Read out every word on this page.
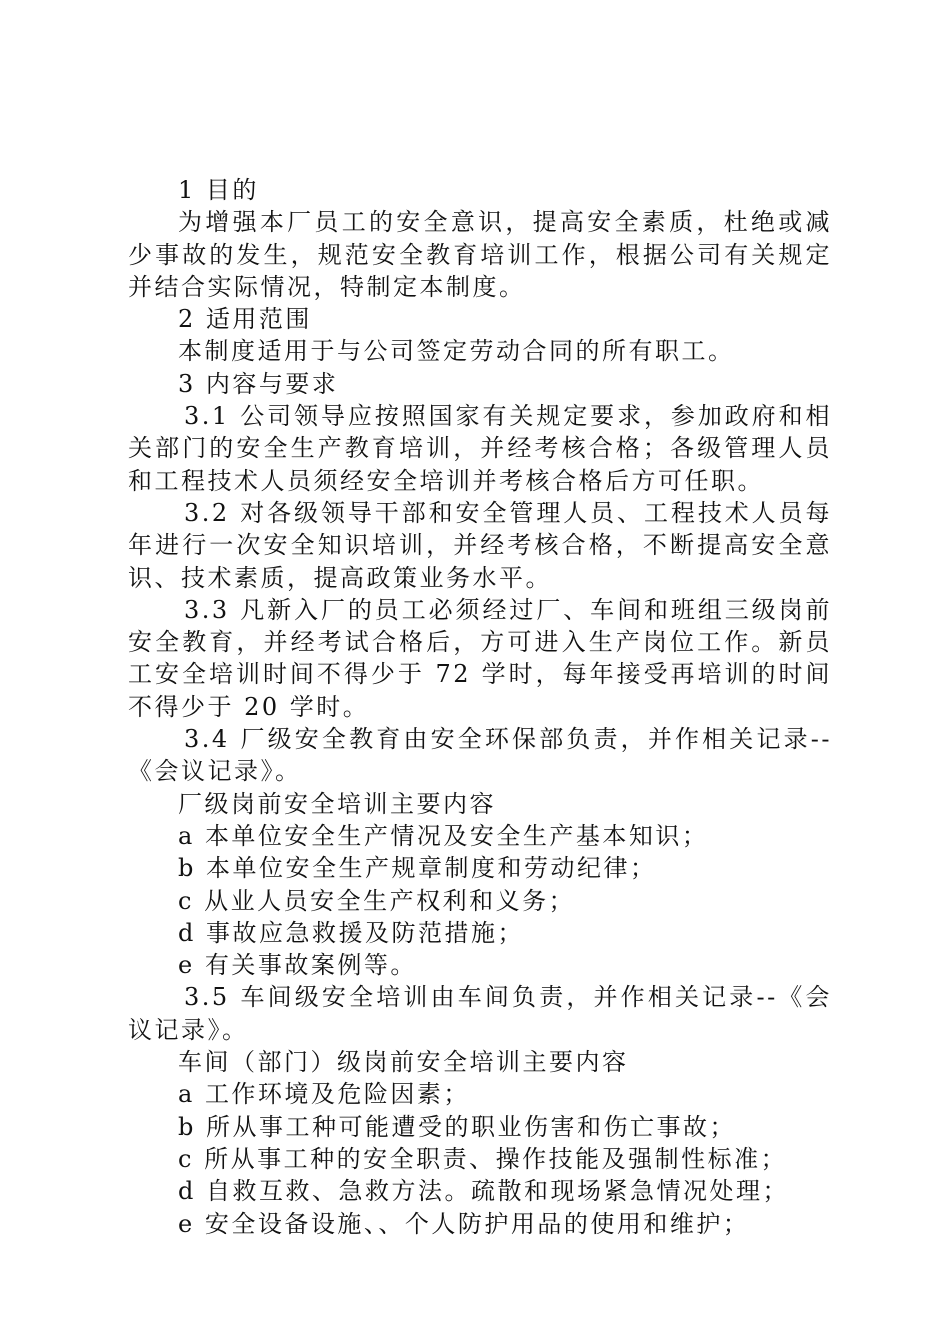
1 目的

为增强本厂员工的安全意识，提高安全素质，杜绝或减少事故的发生，规范安全教育培训工作，根据公司有关规定并结合实际情况，特制定本制度。

2 适用范围

本制度适用于与公司签定劳动合同的所有职工。

3 内容与要求

3.1 公司领导应按照国家有关规定要求，参加政府和相关部门的安全生产教育培训，并经考核合格；各级管理人员和工程技术人员须经安全培训并考核合格后方可任职。

3.2 对各级领导干部和安全管理人员、工程技术人员每年进行一次安全知识培训，并经考核合格，不断提高安全意识、技术素质，提高政策业务水平。

3.3 凡新入厂的员工必须经过厂、车间和班组三级岗前安全教育，并经考试合格后，方可进入生产岗位工作。新员工安全培训时间不得少于 72 学时，每年接受再培训的时间不得少于 20 学时。

3.4 厂级安全教育由安全环保部负责，并作相关记录--《会议记录》。

厂级岗前安全培训主要内容

a 本单位安全生产情况及安全生产基本知识；

b 本单位安全生产规章制度和劳动纪律；

c 从业人员安全生产权利和义务；

d 事故应急救援及防范措施；

e 有关事故案例等。

3.5 车间级安全培训由车间负责，并作相关记录--《会议记录》。

车间（部门）级岗前安全培训主要内容

a 工作环境及危险因素；

b 所从事工种可能遭受的职业伤害和伤亡事故；

c 所从事工种的安全职责、操作技能及强制性标准；

d 自救互救、急救方法。疏散和现场紧急情况处理；

e 安全设备设施、、个人防护用品的使用和维护；
